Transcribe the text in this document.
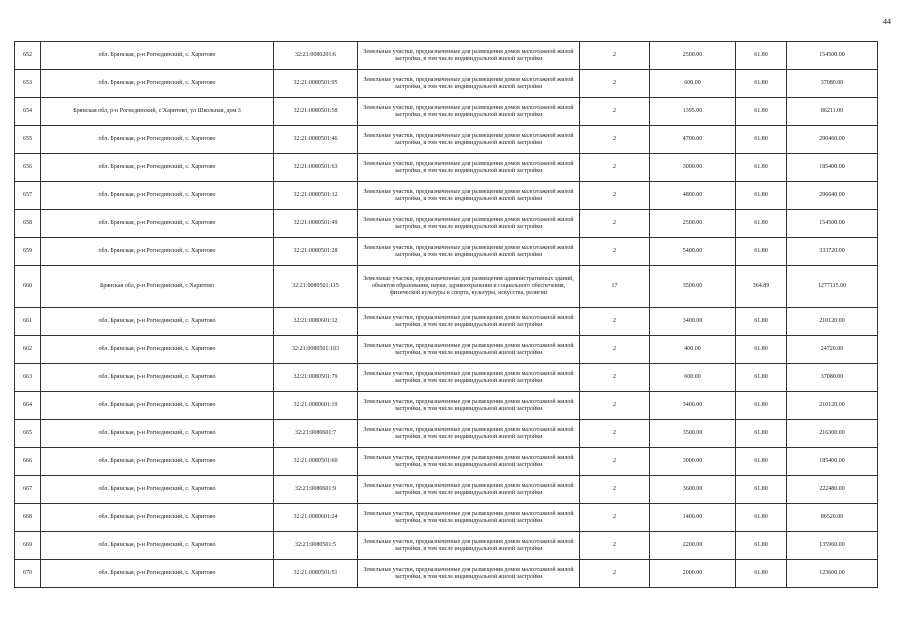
44
652	обл. Брянская, р-н Рогнединский, с. Харитово	32:21:0080201:6	Земельные участки, предназначенные для размещения домов малоэтажной жилой застройки, в том числе индивидуальной жилой застройки	2	2500.00	61.80	154500.00
653	обл. Брянская, р-н Рогнединский, с. Харитово	32:21:0080501:95	Земельные участки, предназначенные для размещения домов малоэтажной жилой застройки, в том числе индивидуальной жилой застройки	2	600.00	61.80	37080.00
654	Брянская обл, р-н Рогнединский, с Харитово, ул Школьная, дом 3	32:21:0080501:58	Земельные участки, предназначенные для размещения домов малоэтажной жилой застройки, в том числе индивидуальной жилой застройки	2	1395.00	61.80	86211.00
655	обл. Брянская, р-н Рогнединский, с. Харитово	32:21:0080501:46	Земельные участки, предназначенные для размещения домов малоэтажной жилой застройки, в том числе индивидуальной жилой застройки	2	4700.00	61.80	290460.00
656	обл. Брянская, р-н Рогнединский, с. Харитово	32:21:0080501:63	Земельные участки, предназначенные для размещения домов малоэтажной жилой застройки, в том числе индивидуальной жилой застройки	2	3000.00	61.80	185400.00
657	обл. Брянская, р-н Рогнединский, с. Харитово	32:21:0080501:12	Земельные участки, предназначенные для размещения домов малоэтажной жилой застройки, в том числе индивидуальной жилой застройки	2	4800.00	61.80	296640.00
658	обл. Брянская, р-н Рогнединский, с. Харитово	32:21:0080501:49	Земельные участки, предназначенные для размещения домов малоэтажной жилой застройки, в том числе индивидуальной жилой застройки	2	2500.00	61.80	154500.00
659	обл. Брянская, р-н Рогнединский, с. Харитово	32:21:0080501:28	Земельные участки, предназначенные для размещения домов малоэтажной жилой застройки, в том числе индивидуальной жилой застройки	2	5400.00	61.80	333720.00
660	Брянская обл, р-н Рогнединский, с Харитово	32:21:0080501:115	Земельные участки, предназначенные для размещения административных зданий, объектов образования, науки, здравоохранения и социального обеспечения, физической культуры и спорта, культуры, искусства, религии	17	3500.00	364.89	1277115.00
661	обл. Брянская, р-н Рогнединский, с. Харитово	32:21:0080601:12	Земельные участки, предназначенные для размещения домов малоэтажной жилой застройки, в том числе индивидуальной жилой застройки	2	3400.00	61.80	210120.00
662	обл. Брянская, р-н Рогнединский, с. Харитово	32:21:0080501:103	Земельные участки, предназначенные для размещения домов малоэтажной жилой застройки, в том числе индивидуальной жилой застройки	2	400.00	61.80	24720.00
663	обл. Брянская, р-н Рогнединский, с. Харитово	32:21:0080501:79	Земельные участки, предназначенные для размещения домов малоэтажной жилой застройки, в том числе индивидуальной жилой застройки	2	600.00	61.80	37080.00
664	обл. Брянская, р-н Рогнединский, с. Харитово	32:21:0080601:19	Земельные участки, предназначенные для размещения домов малоэтажной жилой застройки, в том числе индивидуальной жилой застройки	2	3400.00	61.80	210120.00
665	обл. Брянская, р-н Рогнединский, с. Харитово	32:21:0080601:7	Земельные участки, предназначенные для размещения домов малоэтажной жилой застройки, в том числе индивидуальной жилой застройки	2	3500.00	61.80	216300.00
666	обл. Брянская, р-н Рогнединский, с. Харитово	32:21:0080501:60	Земельные участки, предназначенные для размещения домов малоэтажной жилой застройки, в том числе индивидуальной жилой застройки	2	3000.00	61.80	185400.00
667	обл. Брянская, р-н Рогнединский, с. Харитово	32:21:0080601:9	Земельные участки, предназначенные для размещения домов малоэтажной жилой застройки, в том числе индивидуальной жилой застройки	2	3600.00	61.80	222480.00
668	обл. Брянская, р-н Рогнединский, с. Харитово	32:21:0080601:24	Земельные участки, предназначенные для размещения домов малоэтажной жилой застройки, в том числе индивидуальной жилой застройки	2	1400.00	61.80	86520.00
669	обл. Брянская, р-н Рогнединский, с. Харитово	32:21:0080501:5	Земельные участки, предназначенные для размещения домов малоэтажной жилой застройки, в том числе индивидуальной жилой застройки	2	2200.00	61.80	135960.00
670	обл. Брянская, р-н Рогнединский, с. Харитово	32:21:0080501:51	Земельные участки, предназначенные для размещения домов малоэтажной жилой застройки, в том числе индивидуальной жилой застройки	2	2000.00	61.80	123600.00
